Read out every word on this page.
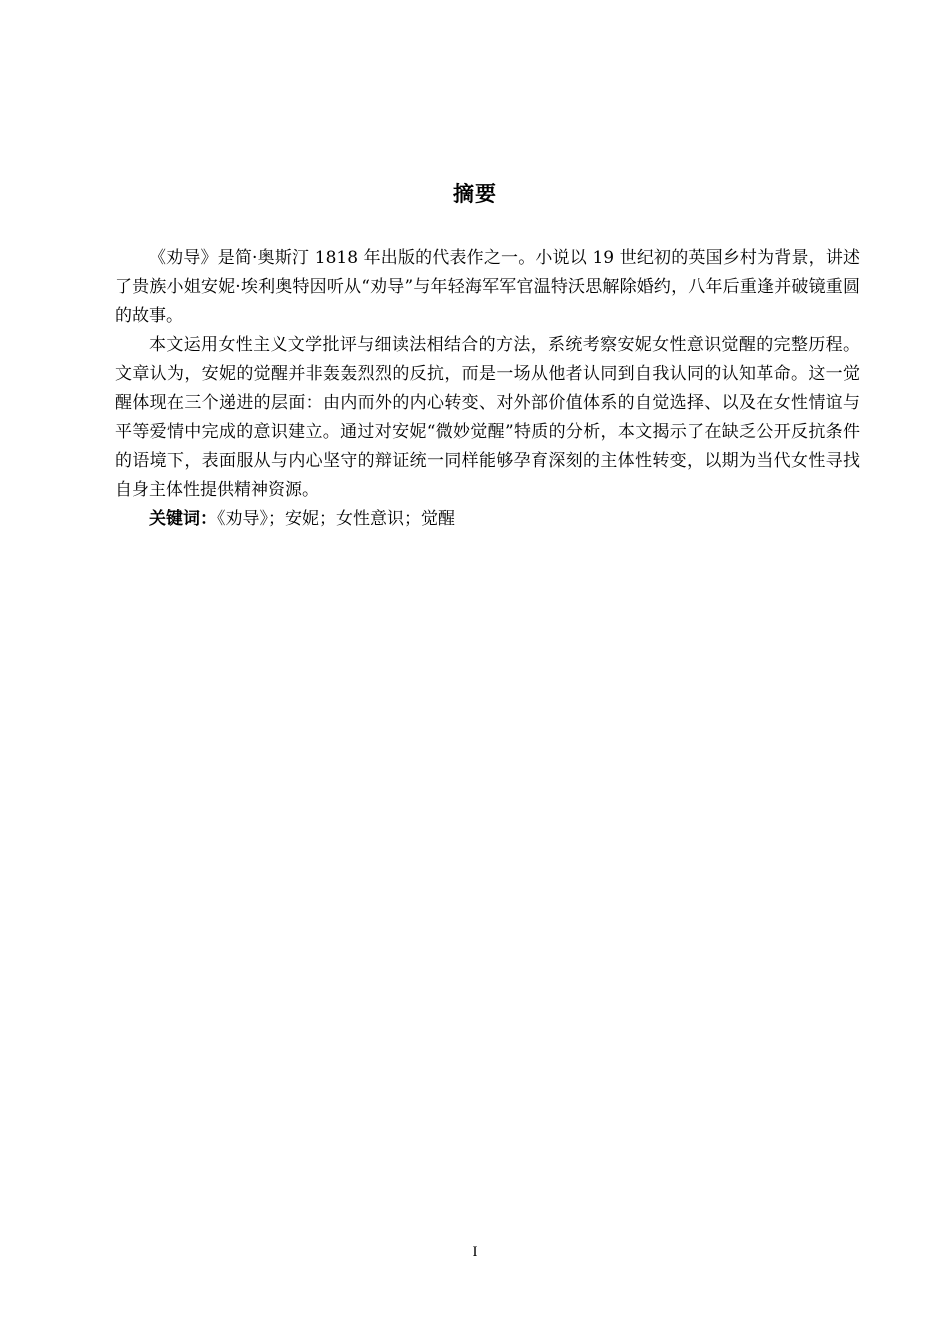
摘要

《劝导》是简·奥斯汀 1818 年出版的代表作之一。小说以 19 世纪初的英国乡村为背景，讲述了贵族小姐安妮·埃利奥特因听从“劝导”与年轻海军军官温特沃思解除婚约，八年后重逢并破镜重圆的故事。

本文运用女性主义文学批评与细读法相结合的方法，系统考察安妮女性意识觉醒的完整历程。文章认为，安妮的觉醒并非轰轰烈烈的反抗，而是一场从他者认同到自我认同的认知革命。这一觉醒体现在三个递进的层面：由内而外的内心转变、对外部价值体系的自觉选择、以及在女性情谊与平等爱情中完成的意识建立。通过对安妮“微妙觉醒”特质的分析，本文揭示了在缺乏公开反抗条件的语境下，表面服从与内心坚守的辩证统一同样能够孕育深刻的主体性转变，以期为当代女性寻找自身主体性提供精神资源。

关键词：《劝导》；安妮；女性意识；觉醒

I
